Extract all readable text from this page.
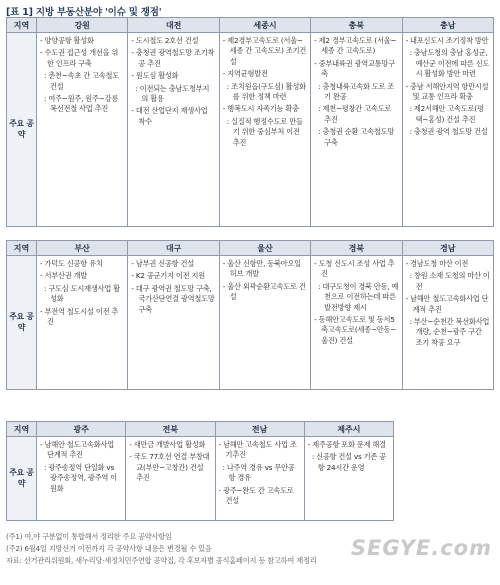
[표 1] 지방 부동산분야 '이슈 및 쟁점'
지역	강원	대전	세종시	충북	충남
주요 공약	- 양양공항 활성화
- 수도권 접근성 개선을 위한 인프라 구축
: 춘천~속초 간 고속철도 건설
: 여주~원주, 원주~강릉 복선전철 사업 추진	- 도시철도 2호선 건설
- 충청권 광역철도망 조기착공 추진
- 원도심 활성화
: 이전되는 충남도청부지의 활용
- 대전 산업단지 재생사업 착수	- 제2경부고속도로 (서울~세종 간 고속도로) 조기건설
- 지역균형발전
: 조치원읍(구도심) 활성화를 위한 정책 마련
- 행복도시 자족기능 확충
: 실질적 행정수도로 만들기 위한 중심부처 이전 추진	- 제2 경부고속도로 (서울~세종 간 고속도로)
- 중부내륙권 광역교통망구축
: 충청내륙고속화 도로 조기 완공
: 제천~평창간 고속도로 추진
: 충청권 순환 고속철도망 구축	- 내포신도시 조기정착 방안
: 충남도청의 충남 홍성군, 예산군 이전에 따른 신도시 활성화 방안 마련
- 충남 서해안지역 항만시설 및 교통 인프라 확충
: 제2서해안 고속도로(평택~홍성) 건설 추진
: 충청권 광역 철도망 건설
지역	부산	대구	울산	경북	경남
주요 공약	- 가덕도 신공항 유치
- 서부산권 개발
: 구도심 도시재생사업 활성화
- 부전역 철도시설 이전 추진	- 남부권 신공항 건설
- K2 공군기지 이전 지원
- 대구 광역권 철도망 구축, 국가산단연결 광역철도망 구축	- 울산 신항만, 동북아오일 허브 개발
- 울산 외곽순환고속도로 건설	- 도청 신도시 조성 사업 추진
: 대구도청이 경북 안동, 예천으로 이전하는데 따른 발전방향 제시
- 동해안고속도로 및 동서5축고속도로(세종~안동~울진) 건설	- 경남도청 마산 이전
: 창원 소재 도청의 마산 이전
- 남해안 철도고속화사업 단계적 추진
: 부산~순천간 복선화사업 개량, 순천~광주 구간 조기 착공 요구
지역	광주	전북	전남	제주시
주요 공약	- 남해안 철도고속화사업 단계적 추진
: 광주송정역 단일화 vs 광주송정역, 광주역 이원화	- 새만금 개발사업 활성화
- 국도 77호선 연결 부창대교(부안~고창간) 건설 추진	- 남해안 고속철도 사업 조기추진
: 나주역 경유 vs 무안공항 경유
- 광주~완도 간 고속도로 건설	- 제주공항 포화 문제 해결
: 신공항 건설 vs 기존 공항 24시간 운영
(주1) 여,야 구분없이 통합해서 정리한 주요 공약사항임
(주2) 6월4일 지방선거 이전까지 각 공약사항 내용은 변경될 수 있음
자료: 선거관리위원회, 새누리당·새정치민주연합 공약집, 각 후보자별 공식홈페이지 등 참고하여 재정리
SEGYE.com
